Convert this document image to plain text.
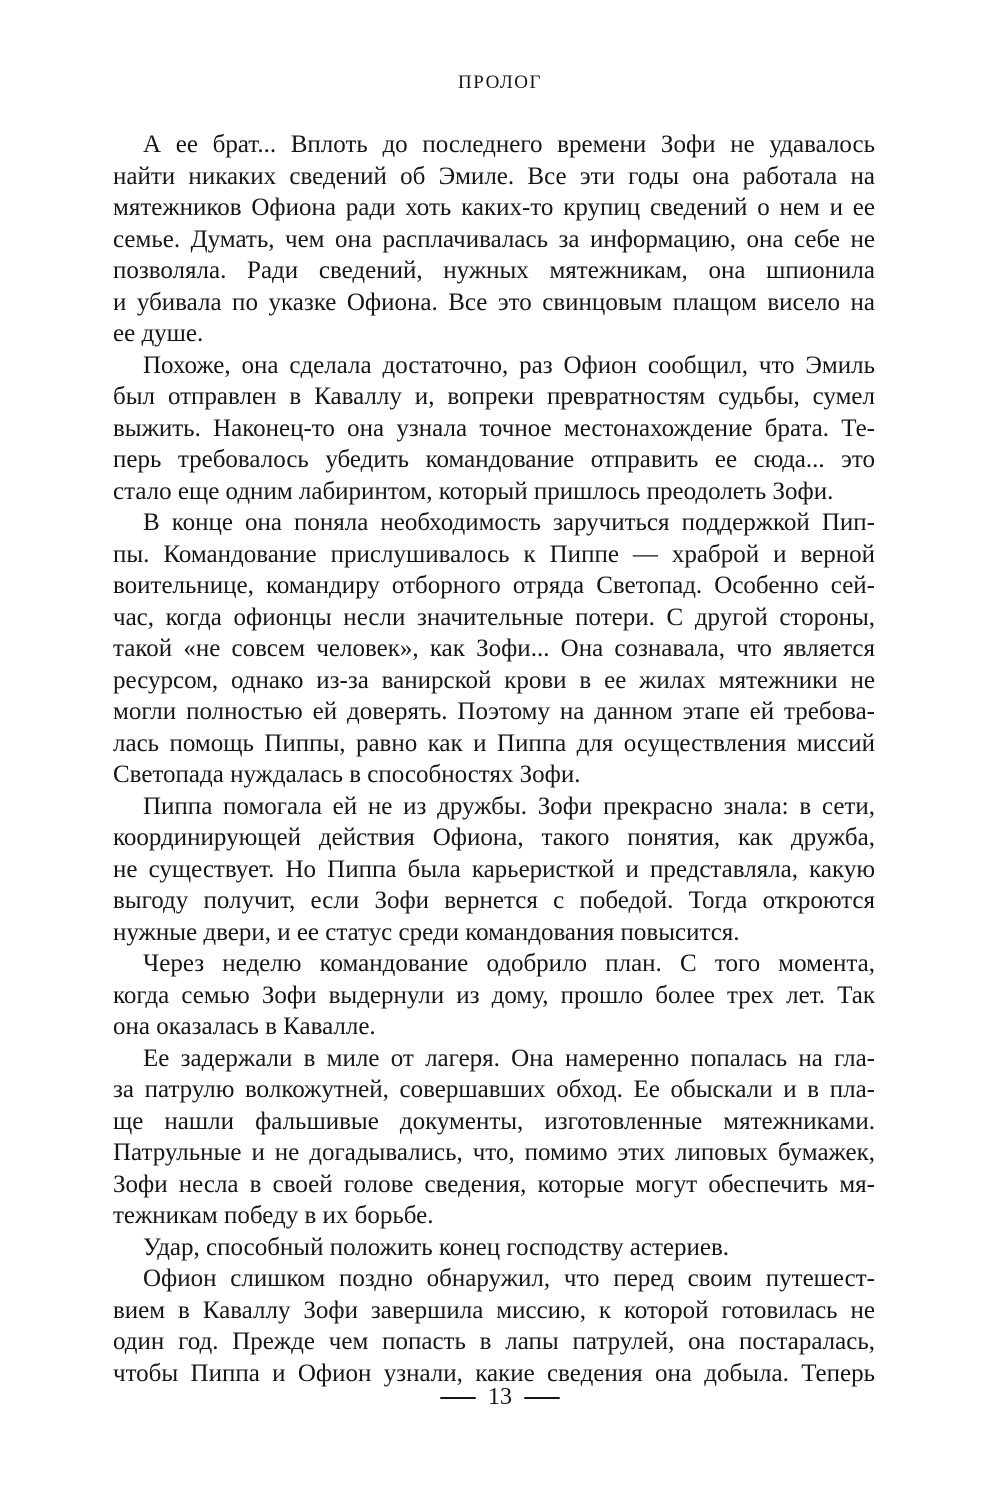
ПРОЛОГ
А ее брат... Вплоть до последнего времени Зофи не удавалось
найти никаких сведений об Эмиле. Все эти годы она работала на
мятежников Офиона ради хоть каких-то крупиц сведений о нем и ее
семье. Думать, чем она расплачивалась за информацию, она себе не
позволяла. Ради сведений, нужных мятежникам, она шпионила
и убивала по указке Офиона. Все это свинцовым плащом висело на
ее душе.
Похоже, она сделала достаточно, раз Офион сообщил, что Эмиль
был отправлен в Каваллу и, вопреки превратностям судьбы, сумел
выжить. Наконец-то она узнала точное местонахождение брата. Те-
перь требовалось убедить командование отправить ее сюда... это
стало еще одним лабиринтом, который пришлось преодолеть Зофи.
В конце она поняла необходимость заручиться поддержкой Пип-
пы. Командование прислушивалось к Пиппе — храброй и верной
воительнице, командиру отборного отряда Светопад. Особенно сей-
час, когда офионцы несли значительные потери. С другой стороны,
такой «не совсем человек», как Зофи... Она сознавала, что является
ресурсом, однако из-за ванирской крови в ее жилах мятежники не
могли полностью ей доверять. Поэтому на данном этапе ей требова-
лась помощь Пиппы, равно как и Пиппа для осуществления миссий
Светопада нуждалась в способностях Зофи.
Пиппа помогала ей не из дружбы. Зофи прекрасно знала: в сети,
координирующей действия Офиона, такого понятия, как дружба,
не существует. Но Пиппа была карьеристкой и представляла, какую
выгоду получит, если Зофи вернется с победой. Тогда откроются
нужные двери, и ее статус среди командования повысится.
Через неделю командование одобрило план. С того момента,
когда семью Зофи выдернули из дому, прошло более трех лет. Так
она оказалась в Кавалле.
Ее задержали в миле от лагеря. Она намеренно попалась на гла-
за патрулю волкожутней, совершавших обход. Ее обыскали и в пла-
ще нашли фальшивые документы, изготовленные мятежниками.
Патрульные и не догадывались, что, помимо этих липовых бумажек,
Зофи несла в своей голове сведения, которые могут обеспечить мя-
тежникам победу в их борьбе.
Удар, способный положить конец господству астериев.
Офион слишком поздно обнаружил, что перед своим путешест-
вием в Каваллу Зофи завершила миссию, к которой готовилась не
один год. Прежде чем попасть в лапы патрулей, она постаралась,
чтобы Пиппа и Офион узнали, какие сведения она добыла. Теперь
13
